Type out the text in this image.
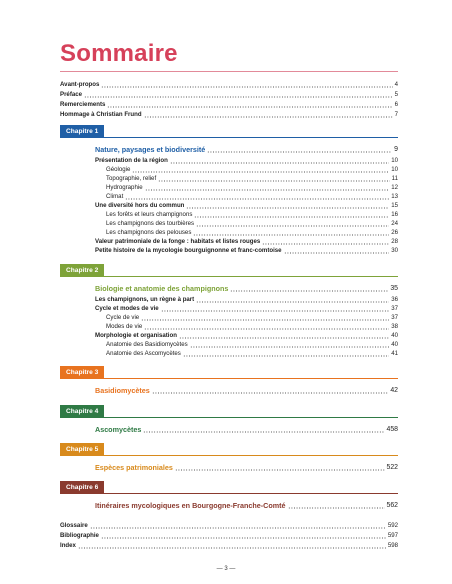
Sommaire
Avant-propos	4
Préface	5
Remerciements	6
Hommage à Christian Frund	7
Chapitre 1
Nature, paysages et biodiversité	9
Présentation de la région	10
Géologie	10
Topographie, relief	11
Hydrographie	12
Climat	13
Une diversité hors du commun	15
Les forêts et leurs champignons	16
Les champignons des tourbières	24
Les champignons des pelouses	26
Valeur patrimoniale de la fonge : habitats et listes rouges	28
Petite histoire de la mycologie bourguignonne et franc-comtoise	30
Chapitre 2
Biologie et anatomie des champignons	35
Les champignons, un règne à part	36
Cycle et modes de vie	37
Cycle de vie	37
Modes de vie	38
Morphologie et organisation	40
Anatomie des Basidiomycètes	40
Anatomie des Ascomycètes	41
Chapitre 3
Basidiomycètes	42
Chapitre 4
Ascomycètes	458
Chapitre 5
Espèces patrimoniales	522
Chapitre 6
Itinéraires mycologiques en Bourgogne-Franche-Comté	562
Glossaire	592
Bibliographie	597
Index	598
— 3 —
